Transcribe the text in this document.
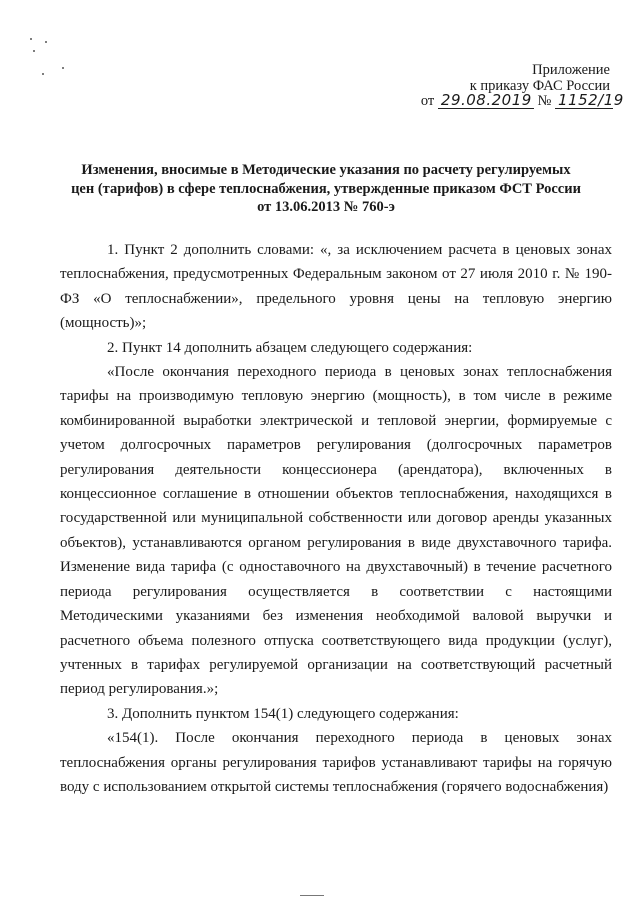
Приложение
к приказу ФАС России
от 29.08.2019 № 1152/19
Изменения, вносимые в Методические указания по расчету регулируемых
цен (тарифов) в сфере теплоснабжения, утвержденные приказом ФСТ России
от 13.06.2013 № 760-э

1. Пункт 2 дополнить словами: «, за исключением расчета в ценовых зонах теплоснабжения, предусмотренных Федеральным законом от 27 июля 2010 г. № 190-ФЗ «О теплоснабжении», предельного уровня цены на тепловую энергию (мощность)»;

2. Пункт 14 дополнить абзацем следующего содержания:

«После окончания переходного периода в ценовых зонах теплоснабжения тарифы на производимую тепловую энергию (мощность), в том числе в режиме комбинированной выработки электрической и тепловой энергии, формируемые с учетом долгосрочных параметров регулирования (долгосрочных параметров регулирования деятельности концессионера (арендатора), включенных в концессионное соглашение в отношении объектов теплоснабжения, находящихся в государственной или муниципальной собственности или договор аренды указанных объектов), устанавливаются органом регулирования в виде двухставочного тарифа. Изменение вида тарифа (с одноставочного на двухставочный) в течение расчетного периода регулирования осуществляется в соответствии с настоящими Методическими указаниями без изменения необходимой валовой выручки и расчетного объема полезного отпуска соответствующего вида продукции (услуг), учтенных в тарифах регулируемой организации на соответствующий расчетный период регулирования.»;

3. Дополнить пунктом 154(1) следующего содержания:

«154(1). После окончания переходного периода в ценовых зонах теплоснабжения органы регулирования тарифов устанавливают тарифы на горячую воду с использованием открытой системы теплоснабжения (горячего водоснабжения)
